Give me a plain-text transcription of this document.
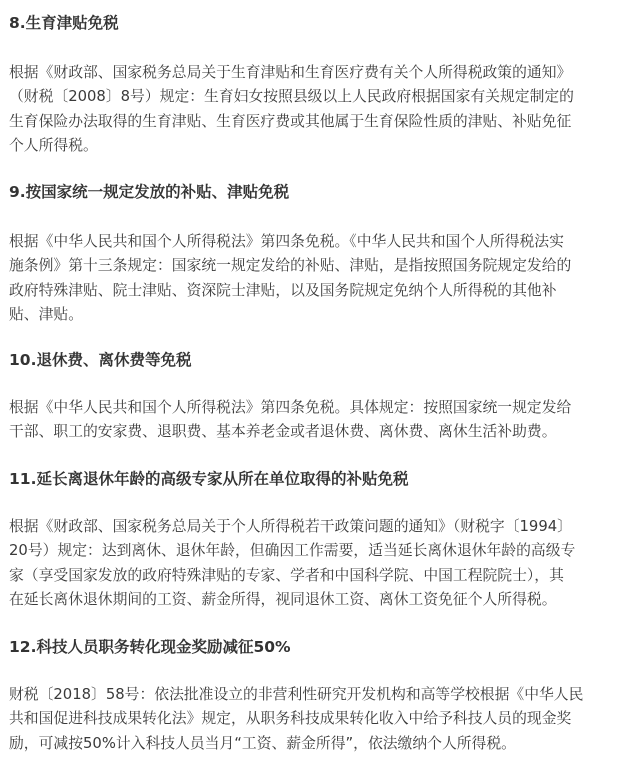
8.生育津贴免税
根据《财政部、国家税务总局关于生育津贴和生育医疗费有关个人所得税政策的通知》
（财税〔2008〕8号）规定：生育妇女按照县级以上人民政府根据国家有关规定制定的
生育保险办法取得的生育津贴、生育医疗费或其他属于生育保险性质的津贴、补贴免征
个人所得税。
9.按国家统一规定发放的补贴、津贴免税
根据《中华人民共和国个人所得税法》第四条免税。《中华人民共和国个人所得税法实
施条例》第十三条规定：国家统一规定发给的补贴、津贴，是指按照国务院规定发给的
政府特殊津贴、院士津贴、资深院士津贴，以及国务院规定免纳个人所得税的其他补
贴、津贴。
10.退休费、离休费等免税
根据《中华人民共和国个人所得税法》第四条免税。具体规定：按照国家统一规定发给
干部、职工的安家费、退职费、基本养老金或者退休费、离休费、离休生活补助费。
11.延长离退休年龄的高级专家从所在单位取得的补贴免税
根据《财政部、国家税务总局关于个人所得税若干政策问题的通知》（财税字〔1994〕
20号）规定：达到离休、退休年龄，但确因工作需要，适当延长离休退休年龄的高级专
家（享受国家发放的政府特殊津贴的专家、学者和中国科学院、中国工程院院士），其
在延长离休退休期间的工资、薪金所得，视同退休工资、离休工资免征个人所得税。
12.科技人员职务转化现金奖励减征50%
财税〔2018〕58号：依法批准设立的非营利性研究开发机构和高等学校根据《中华人民
共和国促进科技成果转化法》规定，从职务科技成果转化收入中给予科技人员的现金奖
励，可减按50%计入科技人员当月“工资、薪金所得”，依法缴纳个人所得税。
